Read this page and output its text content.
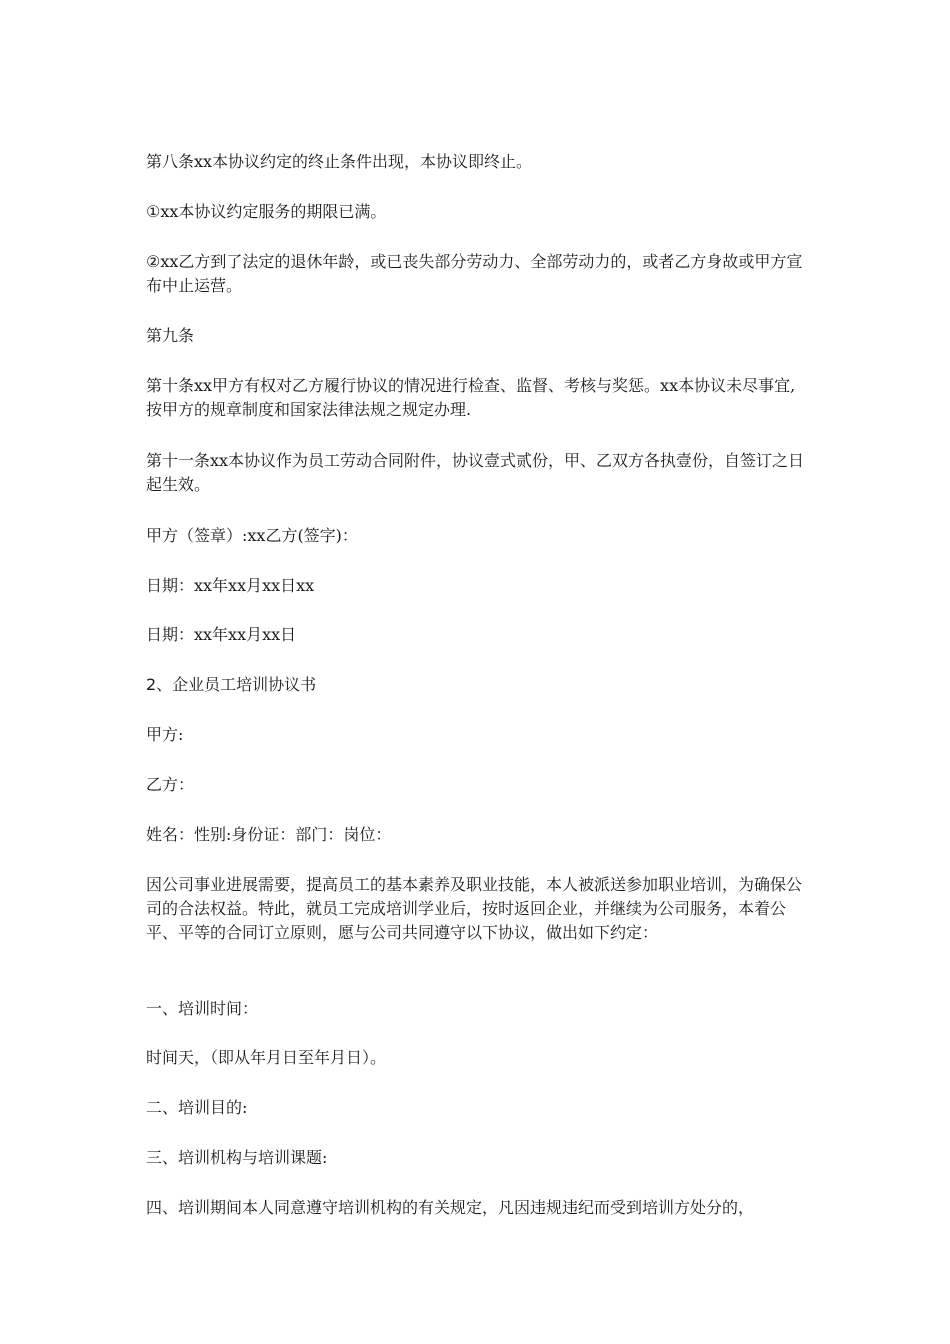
第八条xx本协议约定的终止条件出现，本协议即终止。

①xx本协议约定服务的期限已满。

②xx乙方到了法定的退休年龄，或已丧失部分劳动力、全部劳动力的，或者乙方身故或甲方宣布中止运营。

第九条

第十条xx甲方有权对乙方履行协议的情况进行检查、监督、考核与奖惩。xx本协议未尽事宜,按甲方的规章制度和国家法律法规之规定办理.

第十一条xx本协议作为员工劳动合同附件，协议壹式贰份，甲、乙双方各执壹份，自签订之日起生效。

甲方（签章）:xx乙方(签字)：

日期：xx年xx月xx日xx

日期：xx年xx月xx日

2、企业员工培训协议书

甲方:

乙方：

姓名：性别:身份证：部门：岗位：

因公司事业进展需要，提高员工的基本素养及职业技能，本人被派送参加职业培训，为确保公司的合法权益。特此，就员工完成培训学业后，按时返回企业，并继续为公司服务，本着公平、平等的合同订立原则，愿与公司共同遵守以下协议，做出如下约定：

一、培训时间：

时间天，（即从年月日至年月日）。

二、培训目的:

三、培训机构与培训课题:

四、培训期间本人同意遵守培训机构的有关规定，凡因违规违纪而受到培训方处分的，
